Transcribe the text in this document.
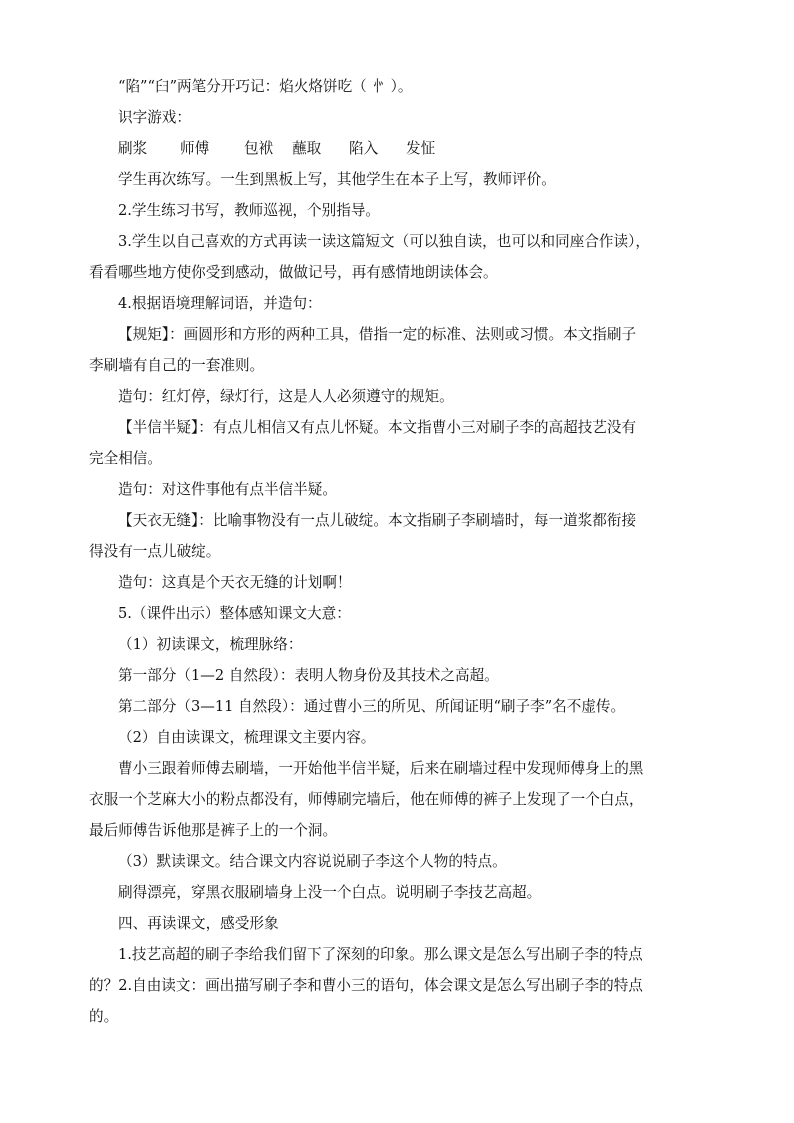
“陷”“臼”两笔分开巧记：焰火烙饼吃（ 㣺 ）。
识字游戏：
刷浆 师傅 包袱 蘸取 陷入 发怔
学生再次练写。一生到黑板上写，其他学生在本子上写，教师评价。
2.学生练习书写，教师巡视，个别指导。
3.学生以自己喜欢的方式再读一读这篇短文（可以独自读，也可以和同座合作读），
看看哪些地方使你受到感动，做做记号，再有感情地朗读体会。
4.根据语境理解词语，并造句：
【规矩】：画圆形和方形的两种工具，借指一定的标准、法则或习惯。本文指刷子
李刷墙有自己的一套准则。
造句：红灯停，绿灯行，这是人人必须遵守的规矩。
【半信半疑】：有点儿相信又有点儿怀疑。本文指曹小三对刷子李的高超技艺没有
完全相信。
造句：对这件事他有点半信半疑。
【天衣无缝】：比喻事物没有一点儿破绽。本文指刷子李刷墙时，每一道浆都衔接
得没有一点儿破绽。
造句：这真是个天衣无缝的计划啊！
5.（课件出示）整体感知课文大意：
（1）初读课文，梳理脉络：
第一部分（1—2 自然段）：表明人物身份及其技术之高超。
第二部分（3—11 自然段）：通过曹小三的所见、所闻证明“刷子李”名不虚传。
（2）自由读课文，梳理课文主要内容。
曹小三跟着师傅去刷墙，一开始他半信半疑，后来在刷墙过程中发现师傅身上的黑
衣服一个芝麻大小的粉点都没有，师傅刷完墙后，他在师傅的裤子上发现了一个白点，
最后师傅告诉他那是裤子上的一个洞。
（3）默读课文。结合课文内容说说刷子李这个人物的特点。
刷得漂亮，穿黑衣服刷墙身上没一个白点。说明刷子李技艺高超。
四、再读课文，感受形象
1.技艺高超的刷子李给我们留下了深刻的印象。那么课文是怎么写出刷子李的特点
的？2.自由读文：画出描写刷子李和曹小三的语句，体会课文是怎么写出刷子李的特点
的。
